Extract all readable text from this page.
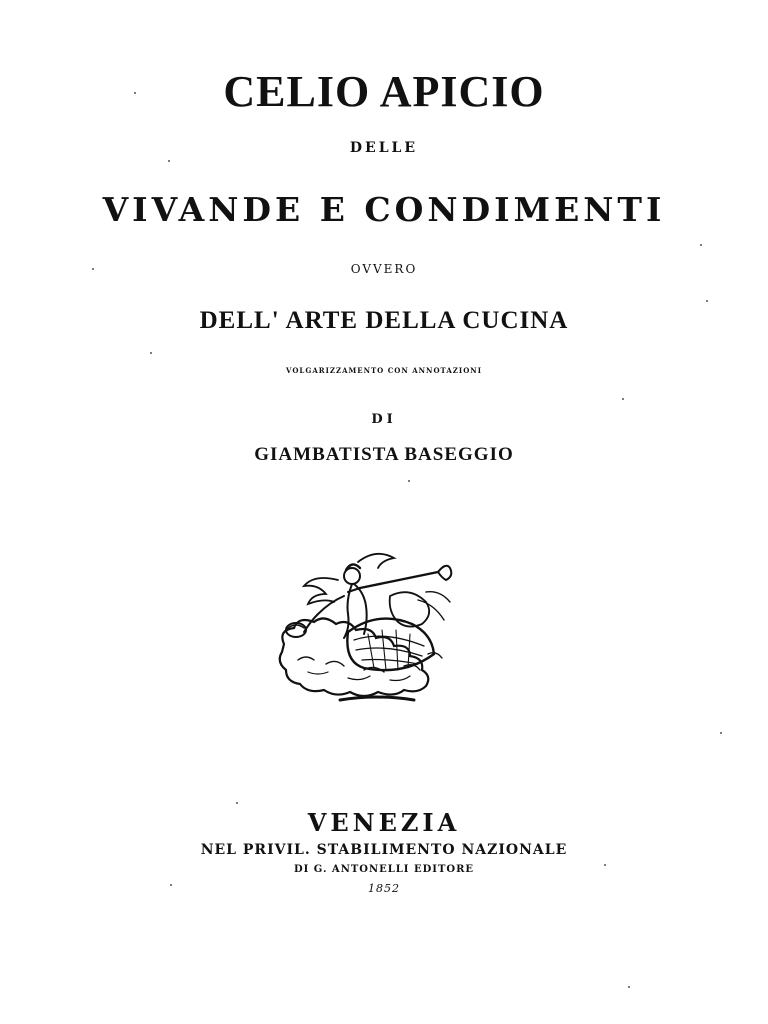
CELIO APICIO

DELLE

VIVANDE E CONDIMENTI

OVVERO

DELL' ARTE DELLA CUCINA

VOLGARIZZAMENTO CON ANNOTAZIONI

DI

GIAMBATISTA BASEGGIO

VENEZIA

NEL PRIVIL. STABILIMENTO NAZIONALE

DI G. ANTONELLI EDITORE

1852
